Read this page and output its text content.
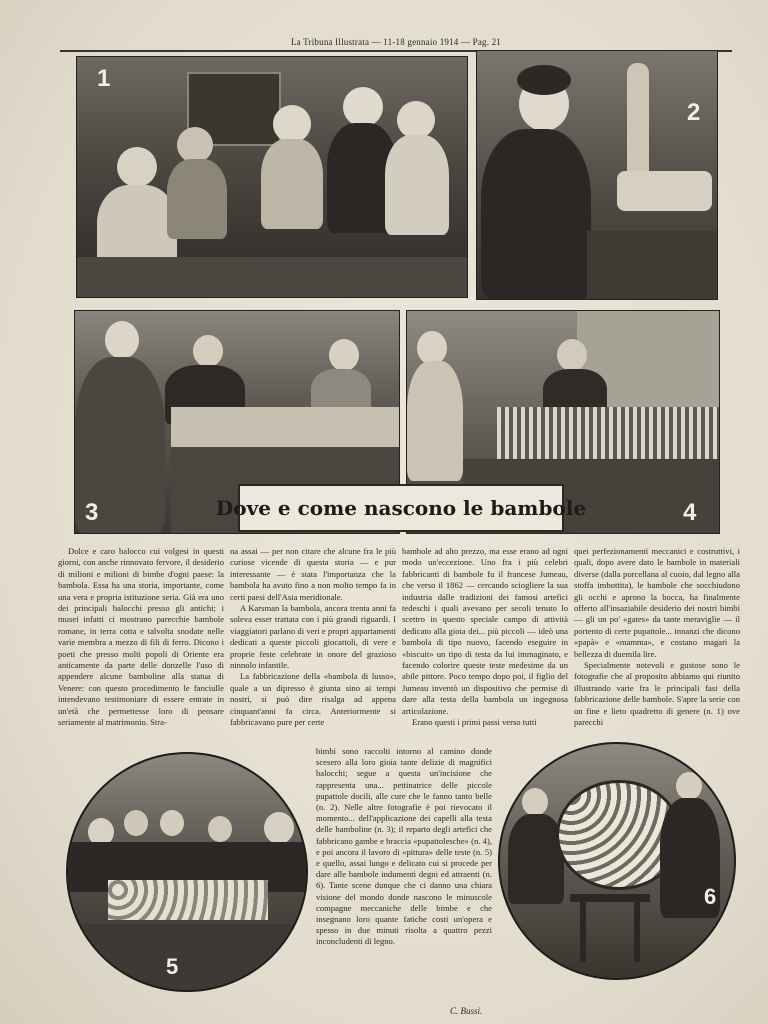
La Tribuna Illustrata — 11-18 gennaio 1914 — Pag. 21
1
2
3	4
Dove e come nascono le bambole

Dolce e caro balocco cui volgesi in questi giorni, con anche rinnovato fervore, il desiderio di milioni e milioni di bimbe d'ogni paese: la bambola. Essa ha una storia, importante, come una vera e propria istituzione seria. Già era uno dei principali balocchi presso gli antichi; i musei infatti ci mostrano parecchie bambole romane, in terra cotta e talvolta snodate nelle varie membra a mezzo di fili di ferro. Dicono i poeti che presso molti popoli di Oriente era anticamente da parte delle donzelle l'uso di appendere alcune bamboline alla statua di Venere: con questo procedimento le fanciulle intendevano testimoniare di essere entrate in un'età che permettesse loro di pensare seriamente al matrimonio. Stra-

na assai — per non citare che alcune fra le più curiose vicende di questa storia — e pur interessante — è stata l'importanza che la bambola ha avuto fino a non molto tempo fa in certi paesi dell'Asia meridionale.

A Karsman la bambola, ancora trenta anni fa soleva esser trattata con i più grandi riguardi. I viaggiatori parlano di veri e propri appartamenti dedicati a queste piccoli giocattoli, di vere e proprie feste celebrate in onore del grazioso ninnolo infantile.

La fabbricazione della «bambola di lusso», quale a un dipresso è giunta sino ai tempi nostri, si può dire risalga ad appena cinquant'anni fa circa. Anteriormente si fabbricavano pure per certe

bambole ad alto prezzo, ma esse erano ad ogni modo un'eccezione. Uno fra i più celebri fabbricanti di bambole fu il francese Jumeau, che verso il 1862 — cercando sciogliere la sua industria dalle tradizioni dei famosi artefici tedeschi i quali avevano per secoli tenuto lo scettro in questo speciale campo di attività dedicato alla gioia dei... più piccoli — ideò una bambola di tipo nuovo, facendo eseguire in «biscuit» un tipo di testa da lui immaginato, e facendo colorire queste teste medesime da un abile pittore. Poco tempo dopo poi, il figlio del Jumeau inventò un dispositivo che permise di dare alla testa della bambola un ingegnosa articolazione.

Erano questi i primi passi verso tutti

quei perfezionamenti meccanici e costruttivi, i quali, dopo avere dato le bambole in materiali diverse (dalla porcellana al cuoio, dal legno alla stoffa imbottita), le bambole che socchiudono gli occhi e aprono la bocca, ha finalmente offerto all'insaziabile desiderio dei nostri bimbi — gli un po' «gates» da tante meraviglie — il portento di certe pupattole... innanzi che dicono «papà» e «mamma», e costano magari la bellezza di duemila lire.

Specialmente notevoli e gustose sono le fotografie che al proposito abbiamo qui riunito illustrando varie fra le principali fasi della fabbricazione delle bambole. S'apre la serie con un fine e lieto quadretto di genere (n. 1) ove parecchi

5

bimbi sono raccolti intorno al camino donde scesero alla loro gioia tante delizie di magnifici balocchi; segue a questa un'incisione che rappresenta una... pettinatrice delle piccole pupattole docili, alle cure che le fanno tanto belle (n. 2). Nelle altre fotografie è poi rievocato il momento... dell'applicazione dei capelli alla testa delle bamboline (n. 3); il reparto degli artefici che fabbricano gambe e braccia «pupattolesche» (n. 4), e poi ancora il lavoro di «pittura» delle teste (n. 5) e quello, assai lungo e delicato cui si procede per dare alle bambole indumenti degni ed attraenti (n. 6). Tante scene dunque che ci danno una chiara visione del mondo donde nascono le minuscole compagne meccaniche delle bimbe e che insegnano loro quante fatiche costi un'opera e spesso in due minuti risolta a quattro pezzi inconcludenti di legno.

C. Bussi.
6
